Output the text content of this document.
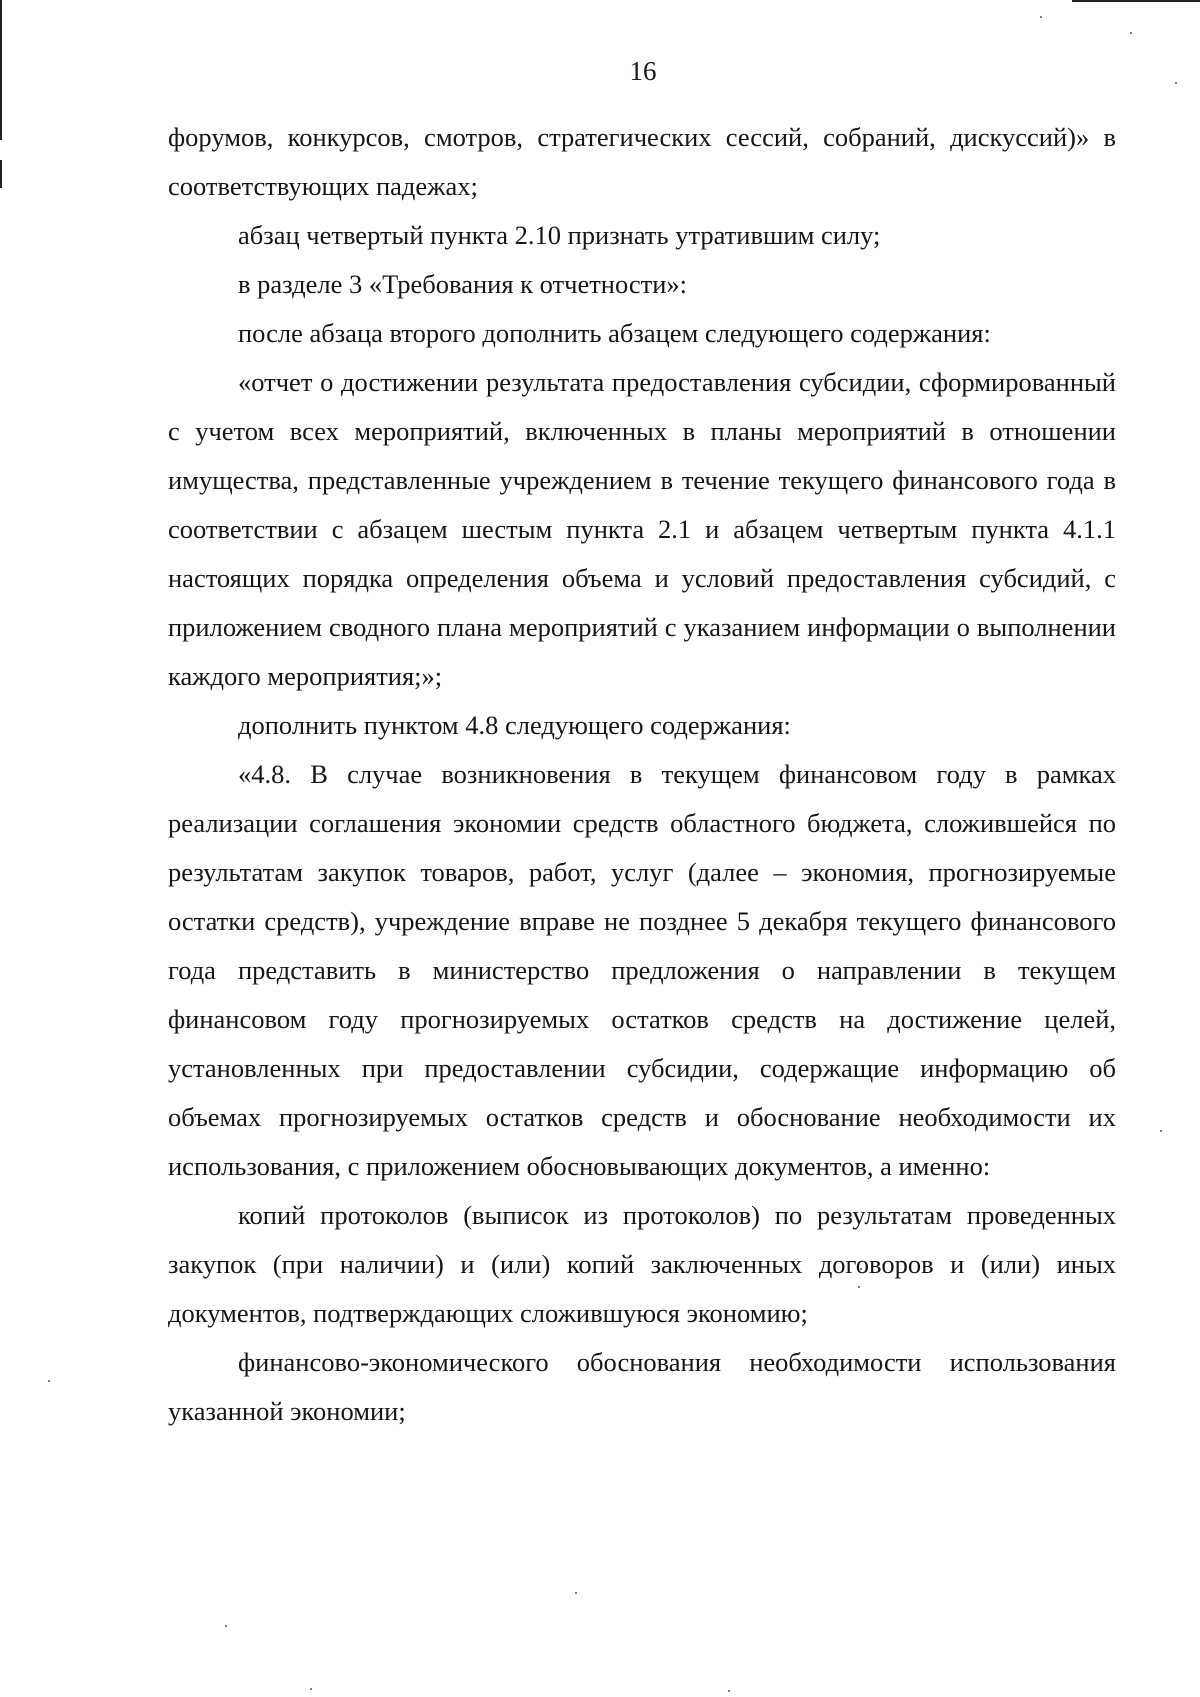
16

форумов, конкурсов, смотров, стратегических сессий, собраний, дискуссий)» в соответствующих падежах;

абзац четвертый пункта 2.10 признать утратившим силу;

в разделе 3 «Требования к отчетности»:

после абзаца второго дополнить абзацем следующего содержания:

«отчет о достижении результата предоставления субсидии, сформированный с учетом всех мероприятий, включенных в планы мероприятий в отношении имущества, представленные учреждением в течение текущего финансового года в соответствии с абзацем шестым пункта 2.1 и абзацем четвертым пункта 4.1.1 настоящих порядка определения объема и условий предоставления субсидий, с приложением сводного плана мероприятий с указанием информации о выполнении каждого мероприятия;»;

дополнить пунктом 4.8 следующего содержания:

«4.8. В случае возникновения в текущем финансовом году в рамках реализации соглашения экономии средств областного бюджета, сложившейся по результатам закупок товаров, работ, услуг (далее – экономия, прогнозируемые остатки средств), учреждение вправе не позднее 5 декабря текущего финансового года представить в министерство предложения о направлении в текущем финансовом году прогнозируемых остатков средств на достижение целей, установленных при предоставлении субсидии, содержащие информацию об объемах прогнозируемых остатков средств и обоснование необходимости их использования, с приложением обосновывающих документов, а именно:

копий протоколов (выписок из протоколов) по результатам проведенных закупок (при наличии) и (или) копий заключенных договоров и (или) иных документов, подтверждающих сложившуюся экономию;

финансово-экономического обоснования необходимости использования указанной экономии;
